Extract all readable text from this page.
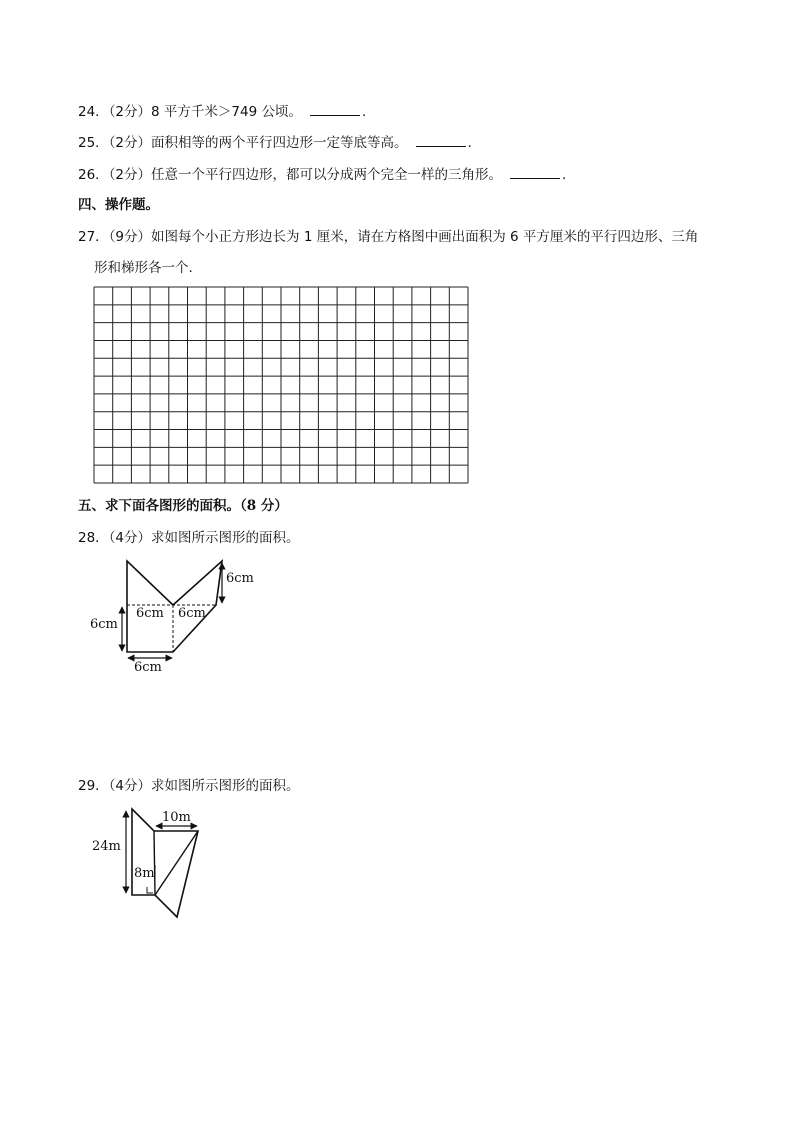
24．（2分）8 平方千米＞749 公顷。	.
25．（2分）面积相等的两个平行四边形一定等底等高。	.
26．（2分）任意一个平行四边形，都可以分成两个完全一样的三角形。	.
四、操作题。
27．（9分）如图每个小正方形边长为 1 厘米，请在方格图中画出面积为 6 平方厘米的平行四边形、三角
形和梯形各一个.
五、求下面各图形的面积。（8 分）
28．（4分）求如图所示图形的面积。
6cm
6cm 6cm
6cm
6cm
29．（4分）求如图所示图形的面积。
10m
24m
8m
